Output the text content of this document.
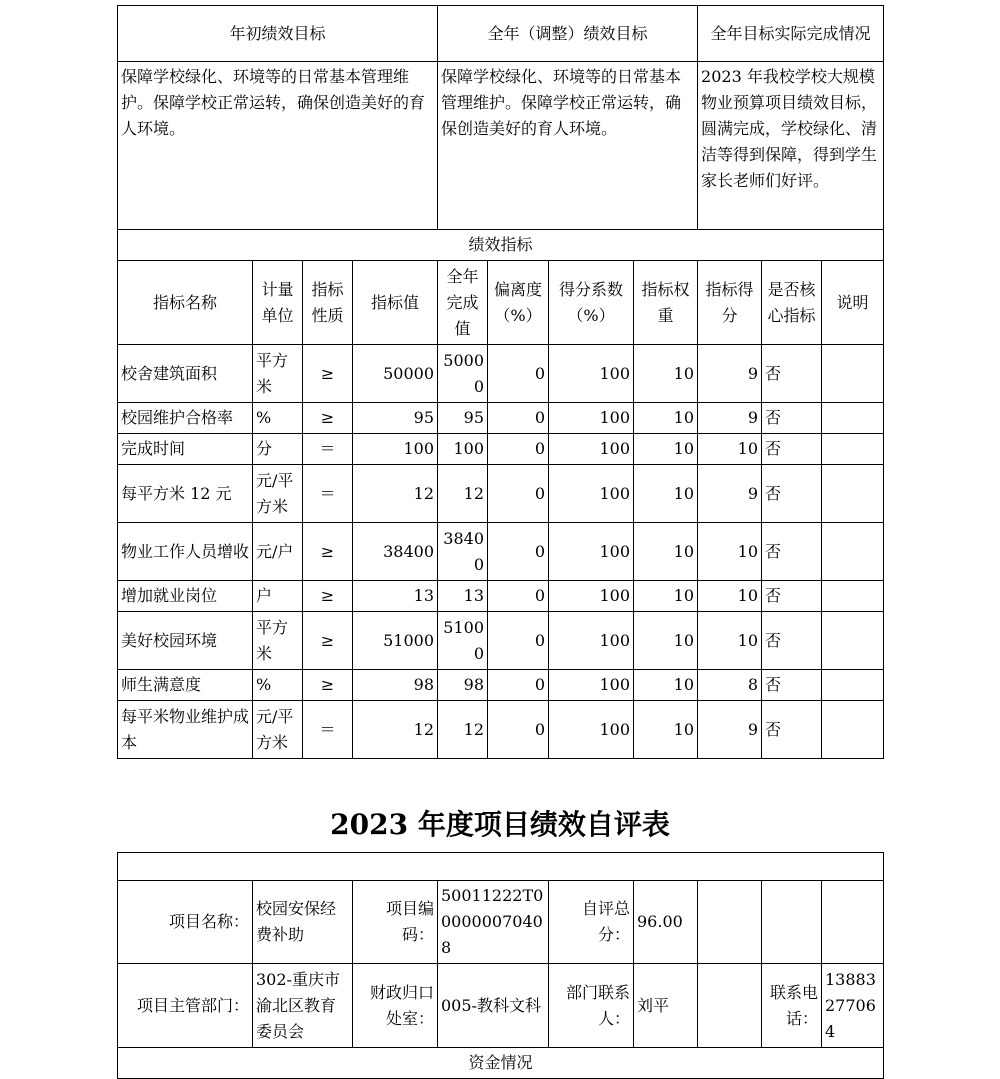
年初绩效目标				全年（调整）绩效目标				全年目标实际完成情况		
保障学校绿化、环境等的日常基本管理维护。保障学校正常运转，确保创造美好的育人环境。				保障学校绿化、环境等的日常基本管理维护。保障学校正常运转，确保创造美好的育人环境。				2023 年我校学校大规模物业预算项目绩效目标，圆满完成，学校绿化、清洁等得到保障，得到学生家长老师们好评。		
绩效指标										
指标名称	计量单位	指标性质	指标值	全年完成值	偏离度（%）	得分系数（%）	指标权重	指标得分	是否核心指标	说明
校舍建筑面积	平方米	≥	50000	50000	0	100	10	9	否	
校园维护合格率	%	≥	95	95	0	100	10	9	否	
完成时间	分	＝	100	100	0	100	10	10	否	
每平方米 12 元	元/平方米	＝	12	12	0	100	10	9	否	
物业工作人员增收	元/户	≥	38400	38400	0	100	10	10	否	
增加就业岗位	户	≥	13	13	0	100	10	10	否	
美好校园环境	平方米	≥	51000	51000	0	100	10	10	否	
师生满意度	%	≥	98	98	0	100	10	8	否	
每平米物业维护成本	元/平方米	＝	12	12	0	100	10	9	否	
2023 年度项目绩效自评表

项目名称：	校园安保经费补助	项目编码：	50011222T000000070408	自评总分：	96.00			
项目主管部门：	302-重庆市渝北区教育委员会	财政归口处室：	005-教科文科	部门联系人：	刘平		联系电话：	13883277064
资金情况								
